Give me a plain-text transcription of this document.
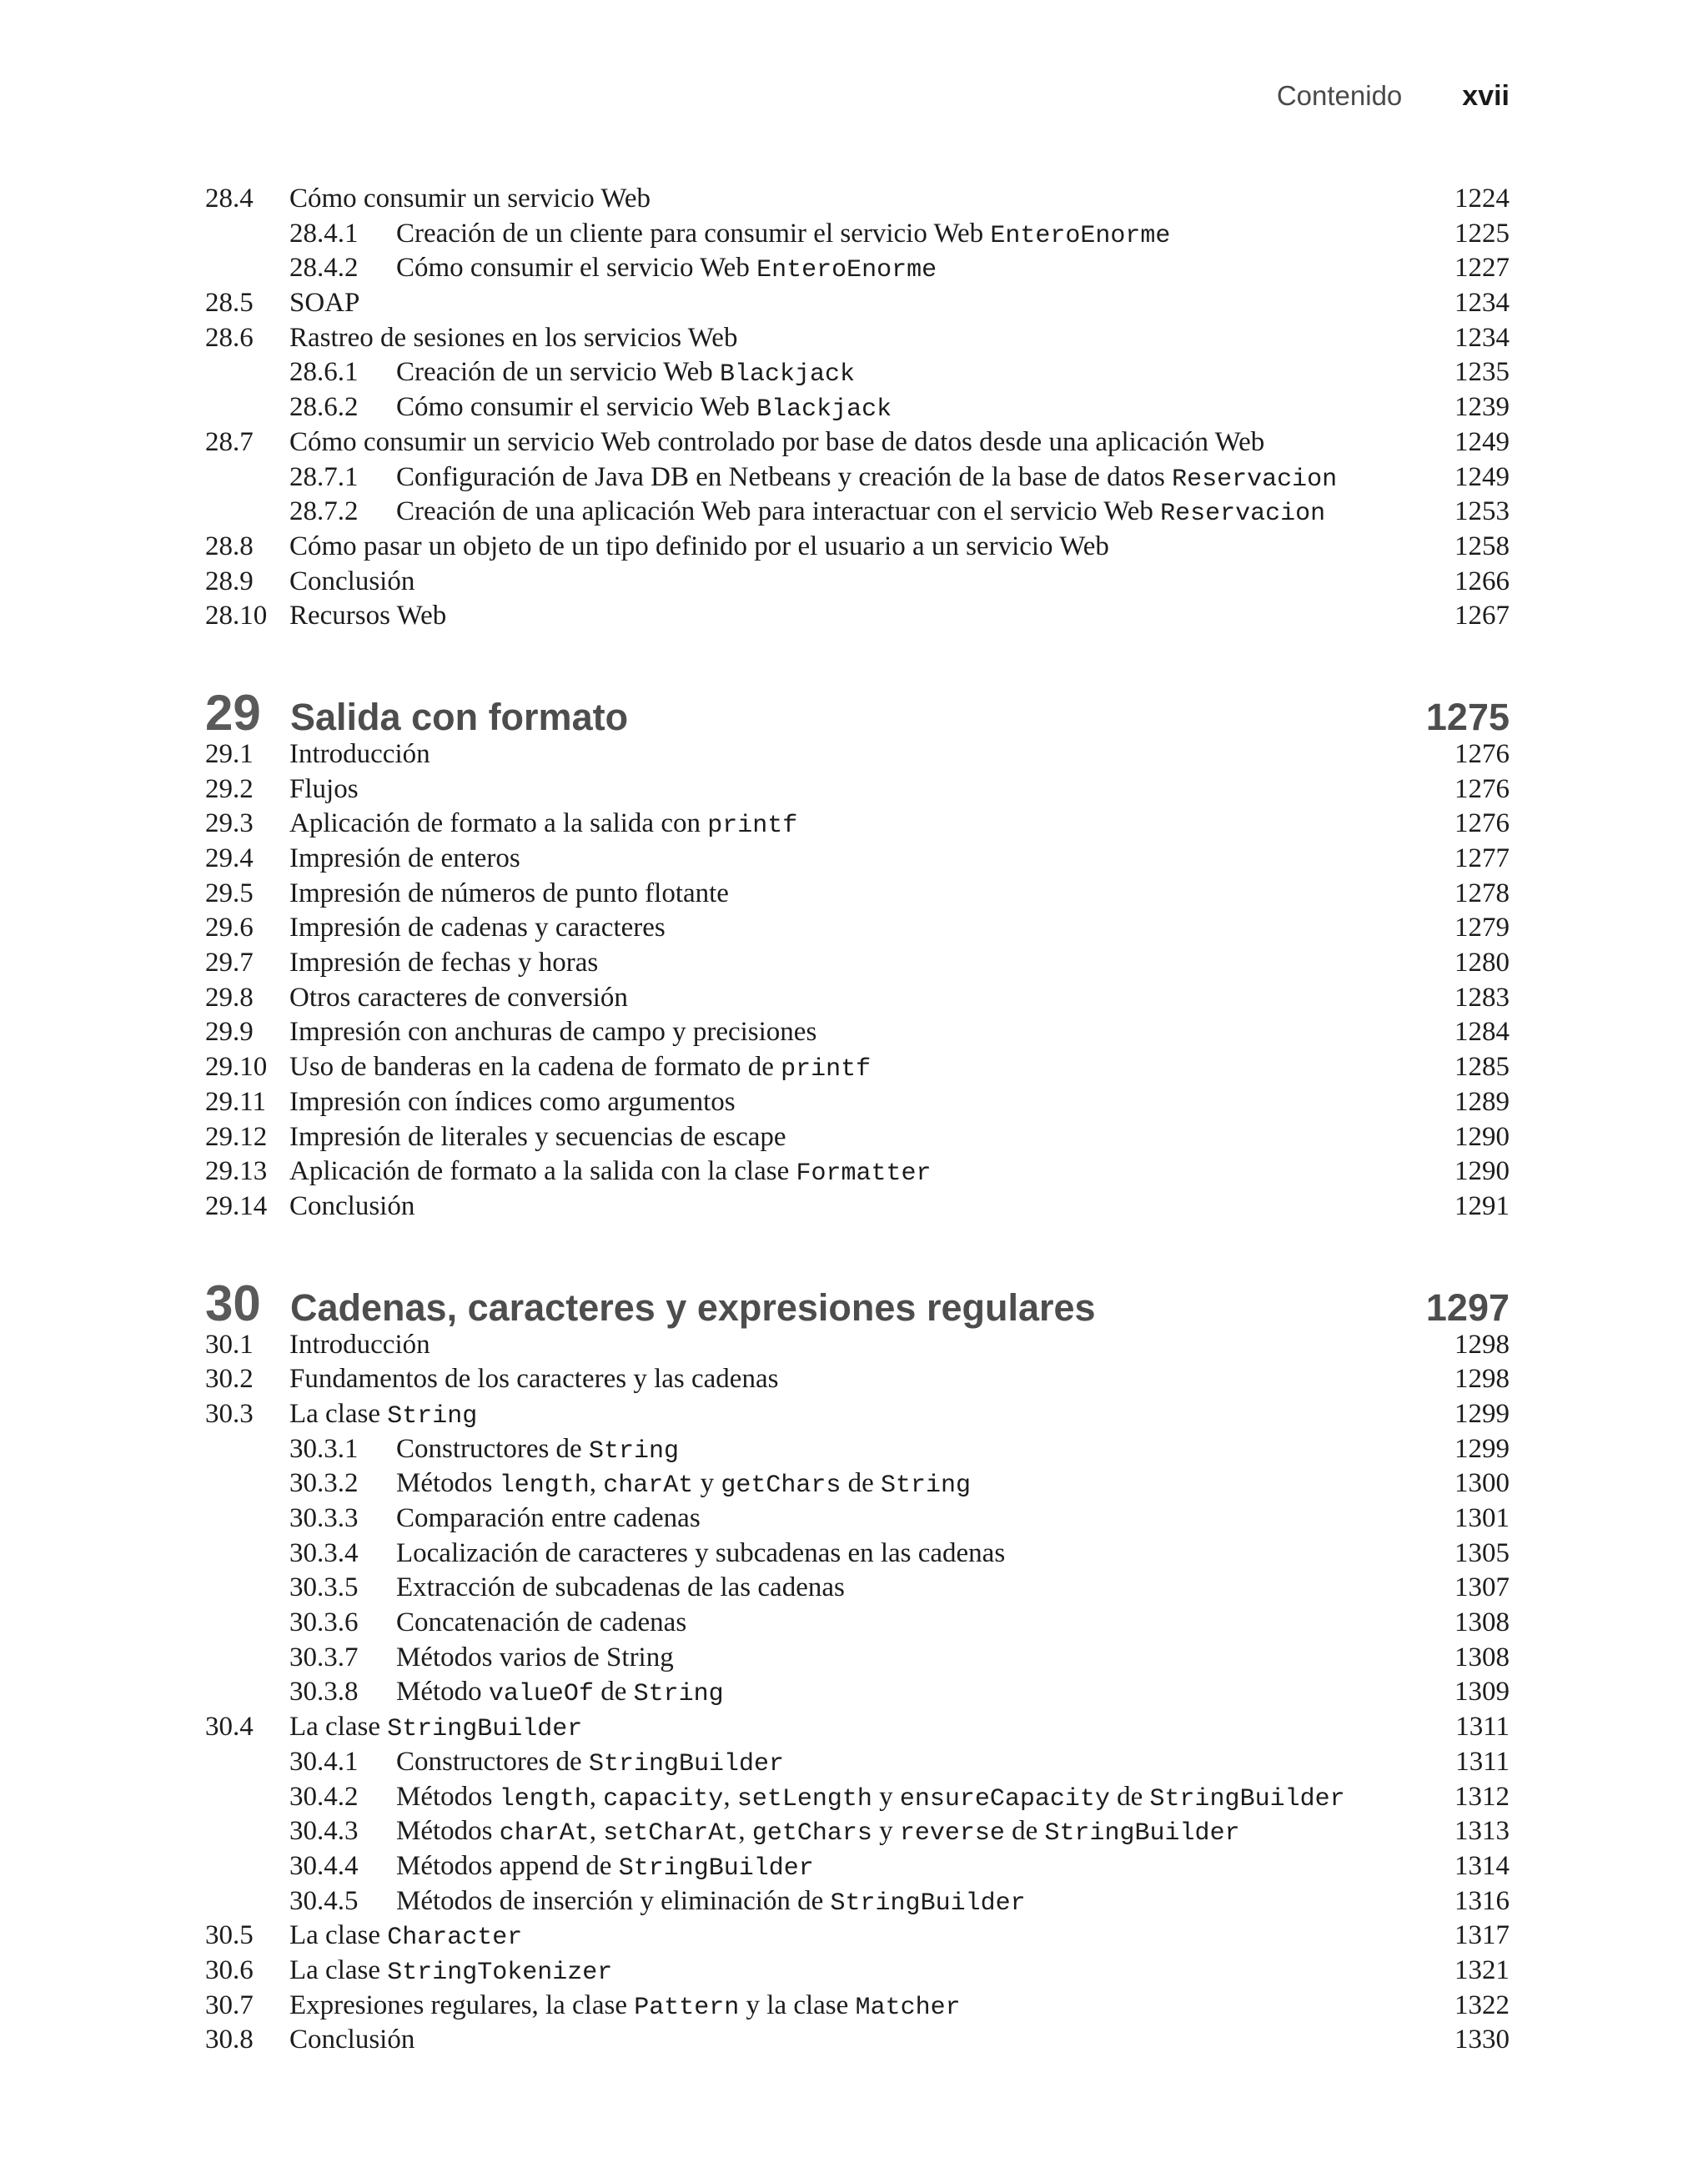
Contenido xvii
28.4	Cómo consumir un servicio Web	1224
28.4.1	Creación de un cliente para consumir el servicio Web EnteroEnorme	1225
28.4.2	Cómo consumir el servicio Web EnteroEnorme	1227
28.5	SOAP	1234
28.6	Rastreo de sesiones en los servicios Web	1234
28.6.1	Creación de un servicio Web Blackjack	1235
28.6.2	Cómo consumir el servicio Web Blackjack	1239
28.7	Cómo consumir un servicio Web controlado por base de datos desde una aplicación Web	1249
28.7.1	Configuración de Java DB en Netbeans y creación de la base de datos Reservacion	1249
28.7.2	Creación de una aplicación Web para interactuar con el servicio Web Reservacion	1253
28.8	Cómo pasar un objeto de un tipo definido por el usuario a un servicio Web	1258
28.9	Conclusión	1266
28.10 Recursos Web	1267
29 Salida con formato	1275
29.1	Introducción	1276
29.2	Flujos	1276
29.3	Aplicación de formato a la salida con printf	1276
29.4	Impresión de enteros	1277
29.5	Impresión de números de punto flotante	1278
29.6	Impresión de cadenas y caracteres	1279
29.7	Impresión de fechas y horas	1280
29.8	Otros caracteres de conversión	1283
29.9	Impresión con anchuras de campo y precisiones	1284
29.10 Uso de banderas en la cadena de formato de printf	1285
29.11 Impresión con índices como argumentos	1289
29.12 Impresión de literales y secuencias de escape	1290
29.13 Aplicación de formato a la salida con la clase Formatter	1290
29.14 Conclusión	1291
30 Cadenas, caracteres y expresiones regulares	1297
30.1	Introducción	1298
30.2	Fundamentos de los caracteres y las cadenas	1298
30.3	La clase String	1299
30.3.1	Constructores de String	1299
30.3.2	Métodos length, charAt y getChars de String	1300
30.3.3	Comparación entre cadenas	1301
30.3.4	Localización de caracteres y subcadenas en las cadenas	1305
30.3.5	Extracción de subcadenas de las cadenas	1307
30.3.6	Concatenación de cadenas	1308
30.3.7	Métodos varios de String	1308
30.3.8	Método valueOf de String	1309
30.4	La clase StringBuilder	1311
30.4.1	Constructores de StringBuilder	1311
30.4.2	Métodos length, capacity, setLength y ensureCapacity de StringBuilder	1312
30.4.3	Métodos charAt, setCharAt, getChars y reverse de StringBuilder	1313
30.4.4	Métodos append de StringBuilder	1314
30.4.5	Métodos de inserción y eliminación de StringBuilder	1316
30.5	La clase Character	1317
30.6	La clase StringTokenizer	1321
30.7	Expresiones regulares, la clase Pattern y la clase Matcher	1322
30.8	Conclusión	1330
